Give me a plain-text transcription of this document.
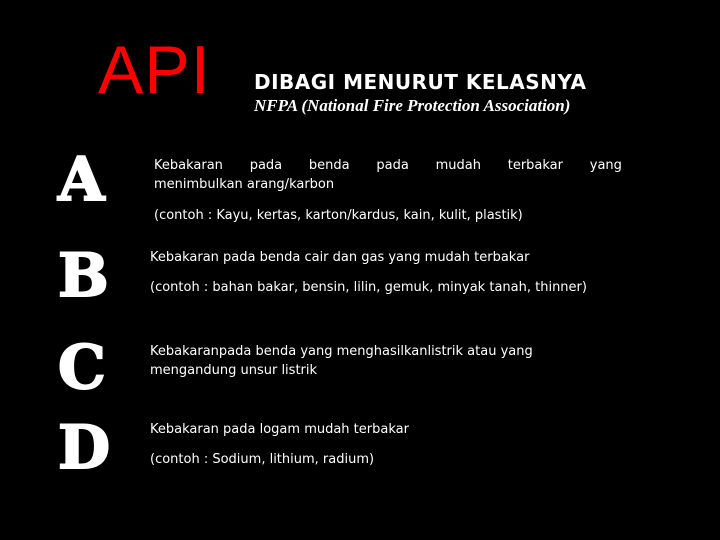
API DIBAGI MENURUT KELASNYA
NFPA (National Fire Protection Association)
A	Kebakaran pada benda pada mudah terbakar yang
menimbulkan arang/karbon
(contoh : Kayu, kertas, karton/kardus, kain, kulit, plastik)
B	Kebakaran pada benda cair dan gas yang mudah terbakar
(contoh : bahan bakar, bensin, lilin, gemuk, minyak tanah, thinner)
C	Kebakaranpada benda yang menghasilkanlistrik atau yang
mengandung unsur listrik
D	Kebakaran pada logam mudah terbakar
(contoh : Sodium, lithium, radium)
